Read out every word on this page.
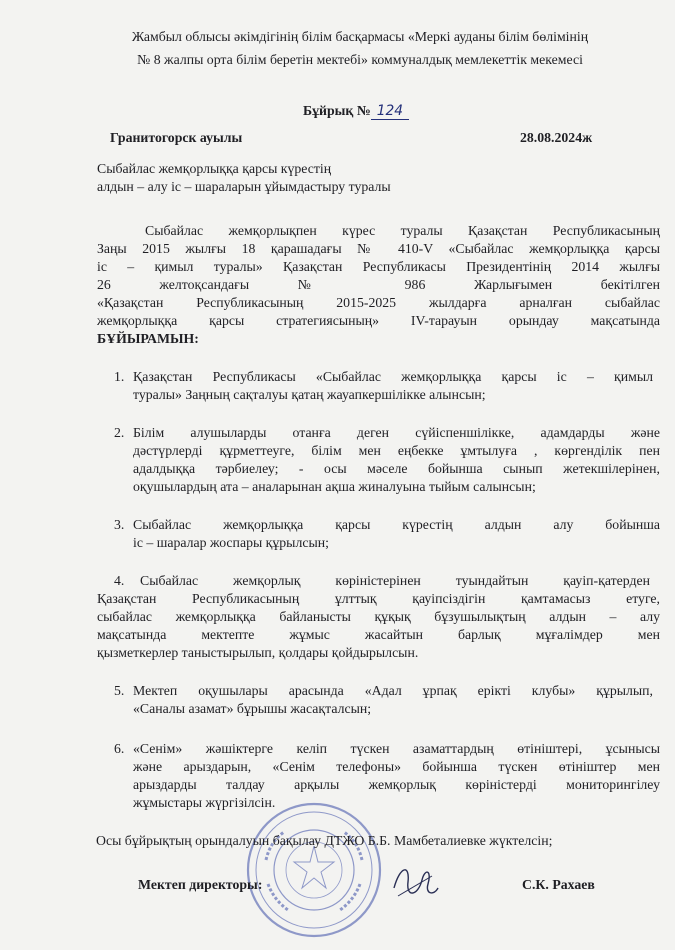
Жамбыл облысы әкімдігінің білім басқармасы «Меркі ауданы білім бөлімінің
№ 8 жалпы орта білім беретін мектебі» коммуналдық мемлекеттік мекемесі
Бұйрық № 124
Гранитогорск ауылы	28.08.2024ж
Сыбайлас жемқорлыққа қарсы күрестің
алдын – алу іс – шараларын ұйымдастыру туралы
Сыбайлас жемқорлықпен күрес туралы Қазақстан Республикасының
Заңы 2015 жылғы 18 қарашадағы № 410-V «Сыбайлас жемқорлыққа қарсы
іс – қимыл туралы» Қазақстан Республикасы Президентінің 2014 жылғы
26 желтоқсандағы № 986 Жарлығымен бекітілген
«Қазақстан Республикасының 2015-2025 жылдарға арналған сыбайлас
жемқорлыққа қарсы стратегиясының» IV-тарауын орындау мақсатында
БҰЙЫРАМЫН:
1. Қазақстан Республикасы «Сыбайлас жемқорлыққа қарсы іс – қимыл
туралы» Заңның сақталуы қатаң жауапкершілікке алынсын;
2. Білім алушыларды отанға деген сүйіспеншілікке, адамдарды және
дәстүрлерді құрметтеуге, білім мен еңбекке ұмтылуға , көргендiлiк пен
адалдыққа тәрбиелеу; - осы мәселе бойынша сынып жетекшілерінен,
оқушылардың ата – аналарынан ақша жиналуына тыйым салынсын;
3. Сыбайлас жемқорлыққа қарсы күрестің алдын алу бойынша
іс – шаралар жоспары құрылсын;
4. Сыбайлас жемқорлық көріністерінен туындайтын қауіп-қатерден
Қазақстан Республикасының ұлттық қауіпсіздігін қамтамасыз етуге,
сыбайлас жемқорлыққа байланысты құқық бұзушылықтың алдын – алу
мақсатында мектепте жұмыс жасайтын барлық мұғалімдер мен
қызметкерлер таныстырылып, қолдары қойдырылсын.
5. Мектеп оқушылары арасында «Адал ұрпақ еріктi клубы» құрылып,
«Саналы азамат» бұрышы жасақталсын;
6. «Сенім» жәшіктерге келіп түскен азаматтардың өтініштері, ұсынысы
және арыздарын, «Сенім телефоны» бойынша түскен өтініштер мен
арыздарды талдау арқылы жемқорлық көріністерді мониторингілеу
жұмыстары жүргізілсін.
Осы бұйрықтың орындалуын бақылау ДТЖО Б.Б. Мамбеталиевке жүктелсін;
Мектеп директоры:	С.К. Рахаев
